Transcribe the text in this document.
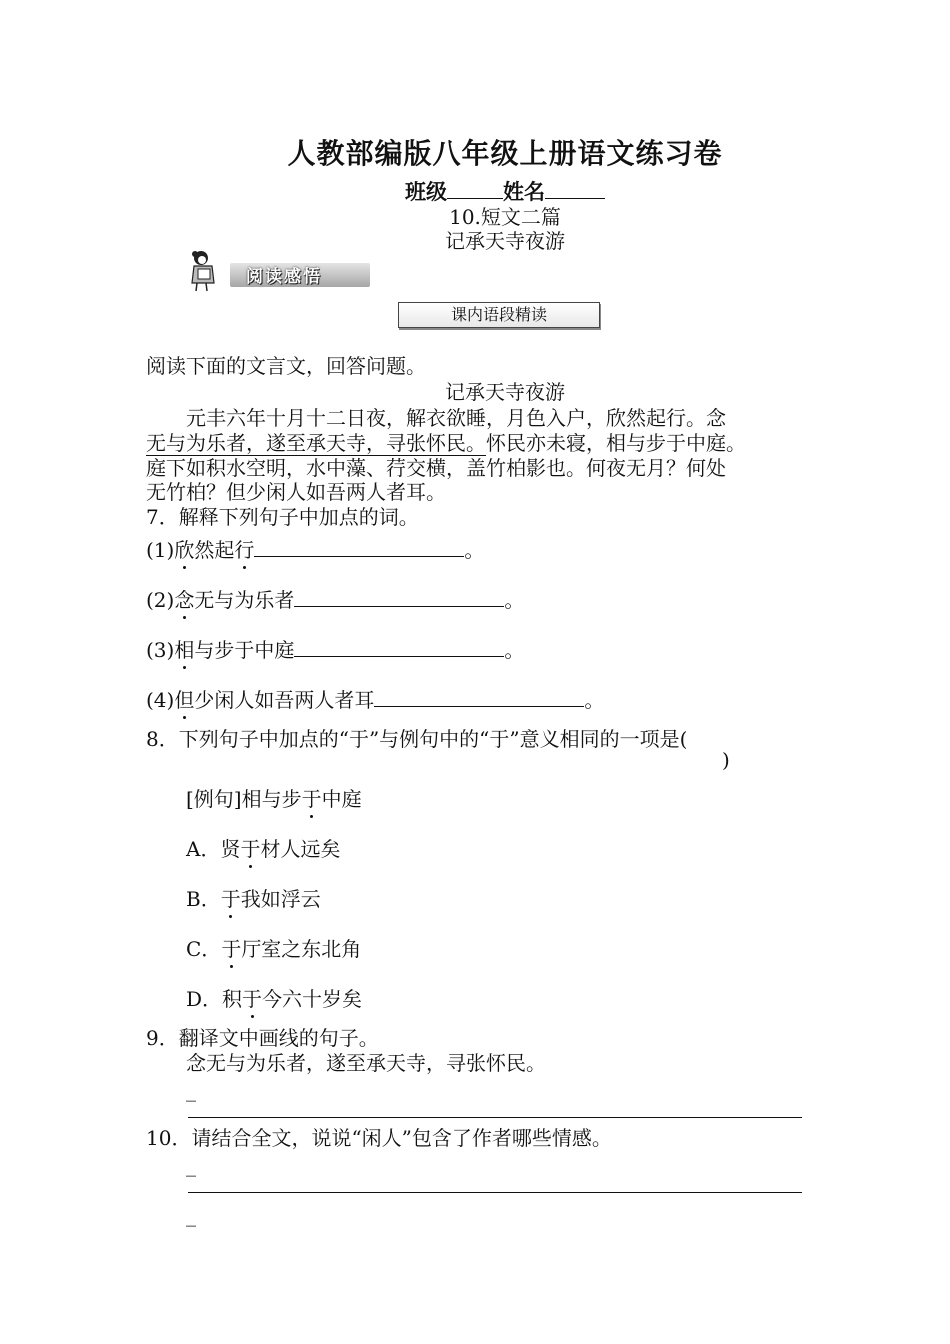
人教部编版八年级上册语文练习卷
班级	姓名
10.短文二篇
记承天寺夜游
阅读感悟
课内语段精读
阅读下面的文言文，回答问题。
记承天寺夜游
元丰六年十月十二日夜，解衣欲睡，月色入户，欣然起行。念
无与为乐者，遂至承天寺，寻张怀民。怀民亦未寝，相与步于中庭。
庭下如积水空明，水中藻、荇交横，盖竹柏影也。何夜无月？何处
无竹柏？但少闲人如吾两人者耳。
7．解释下列句子中加点的词。
(1)欣然起行	。
(2)念无与为乐者	。
(3)相与步于中庭	。
(4)但少闲人如吾两人者耳	。
8．下列句子中加点的“于”与例句中的“于”意义相同的一项是(
)
[例句]相与步于中庭
A．贤于材人远矣
B．于我如浮云
C．于厅室之东北角
D．积于今六十岁矣
9．翻译文中画线的句子。
念无与为乐者，遂至承天寺，寻张怀民。
_
10．请结合全文，说说“闲人”包含了作者哪些情感。
_
_
